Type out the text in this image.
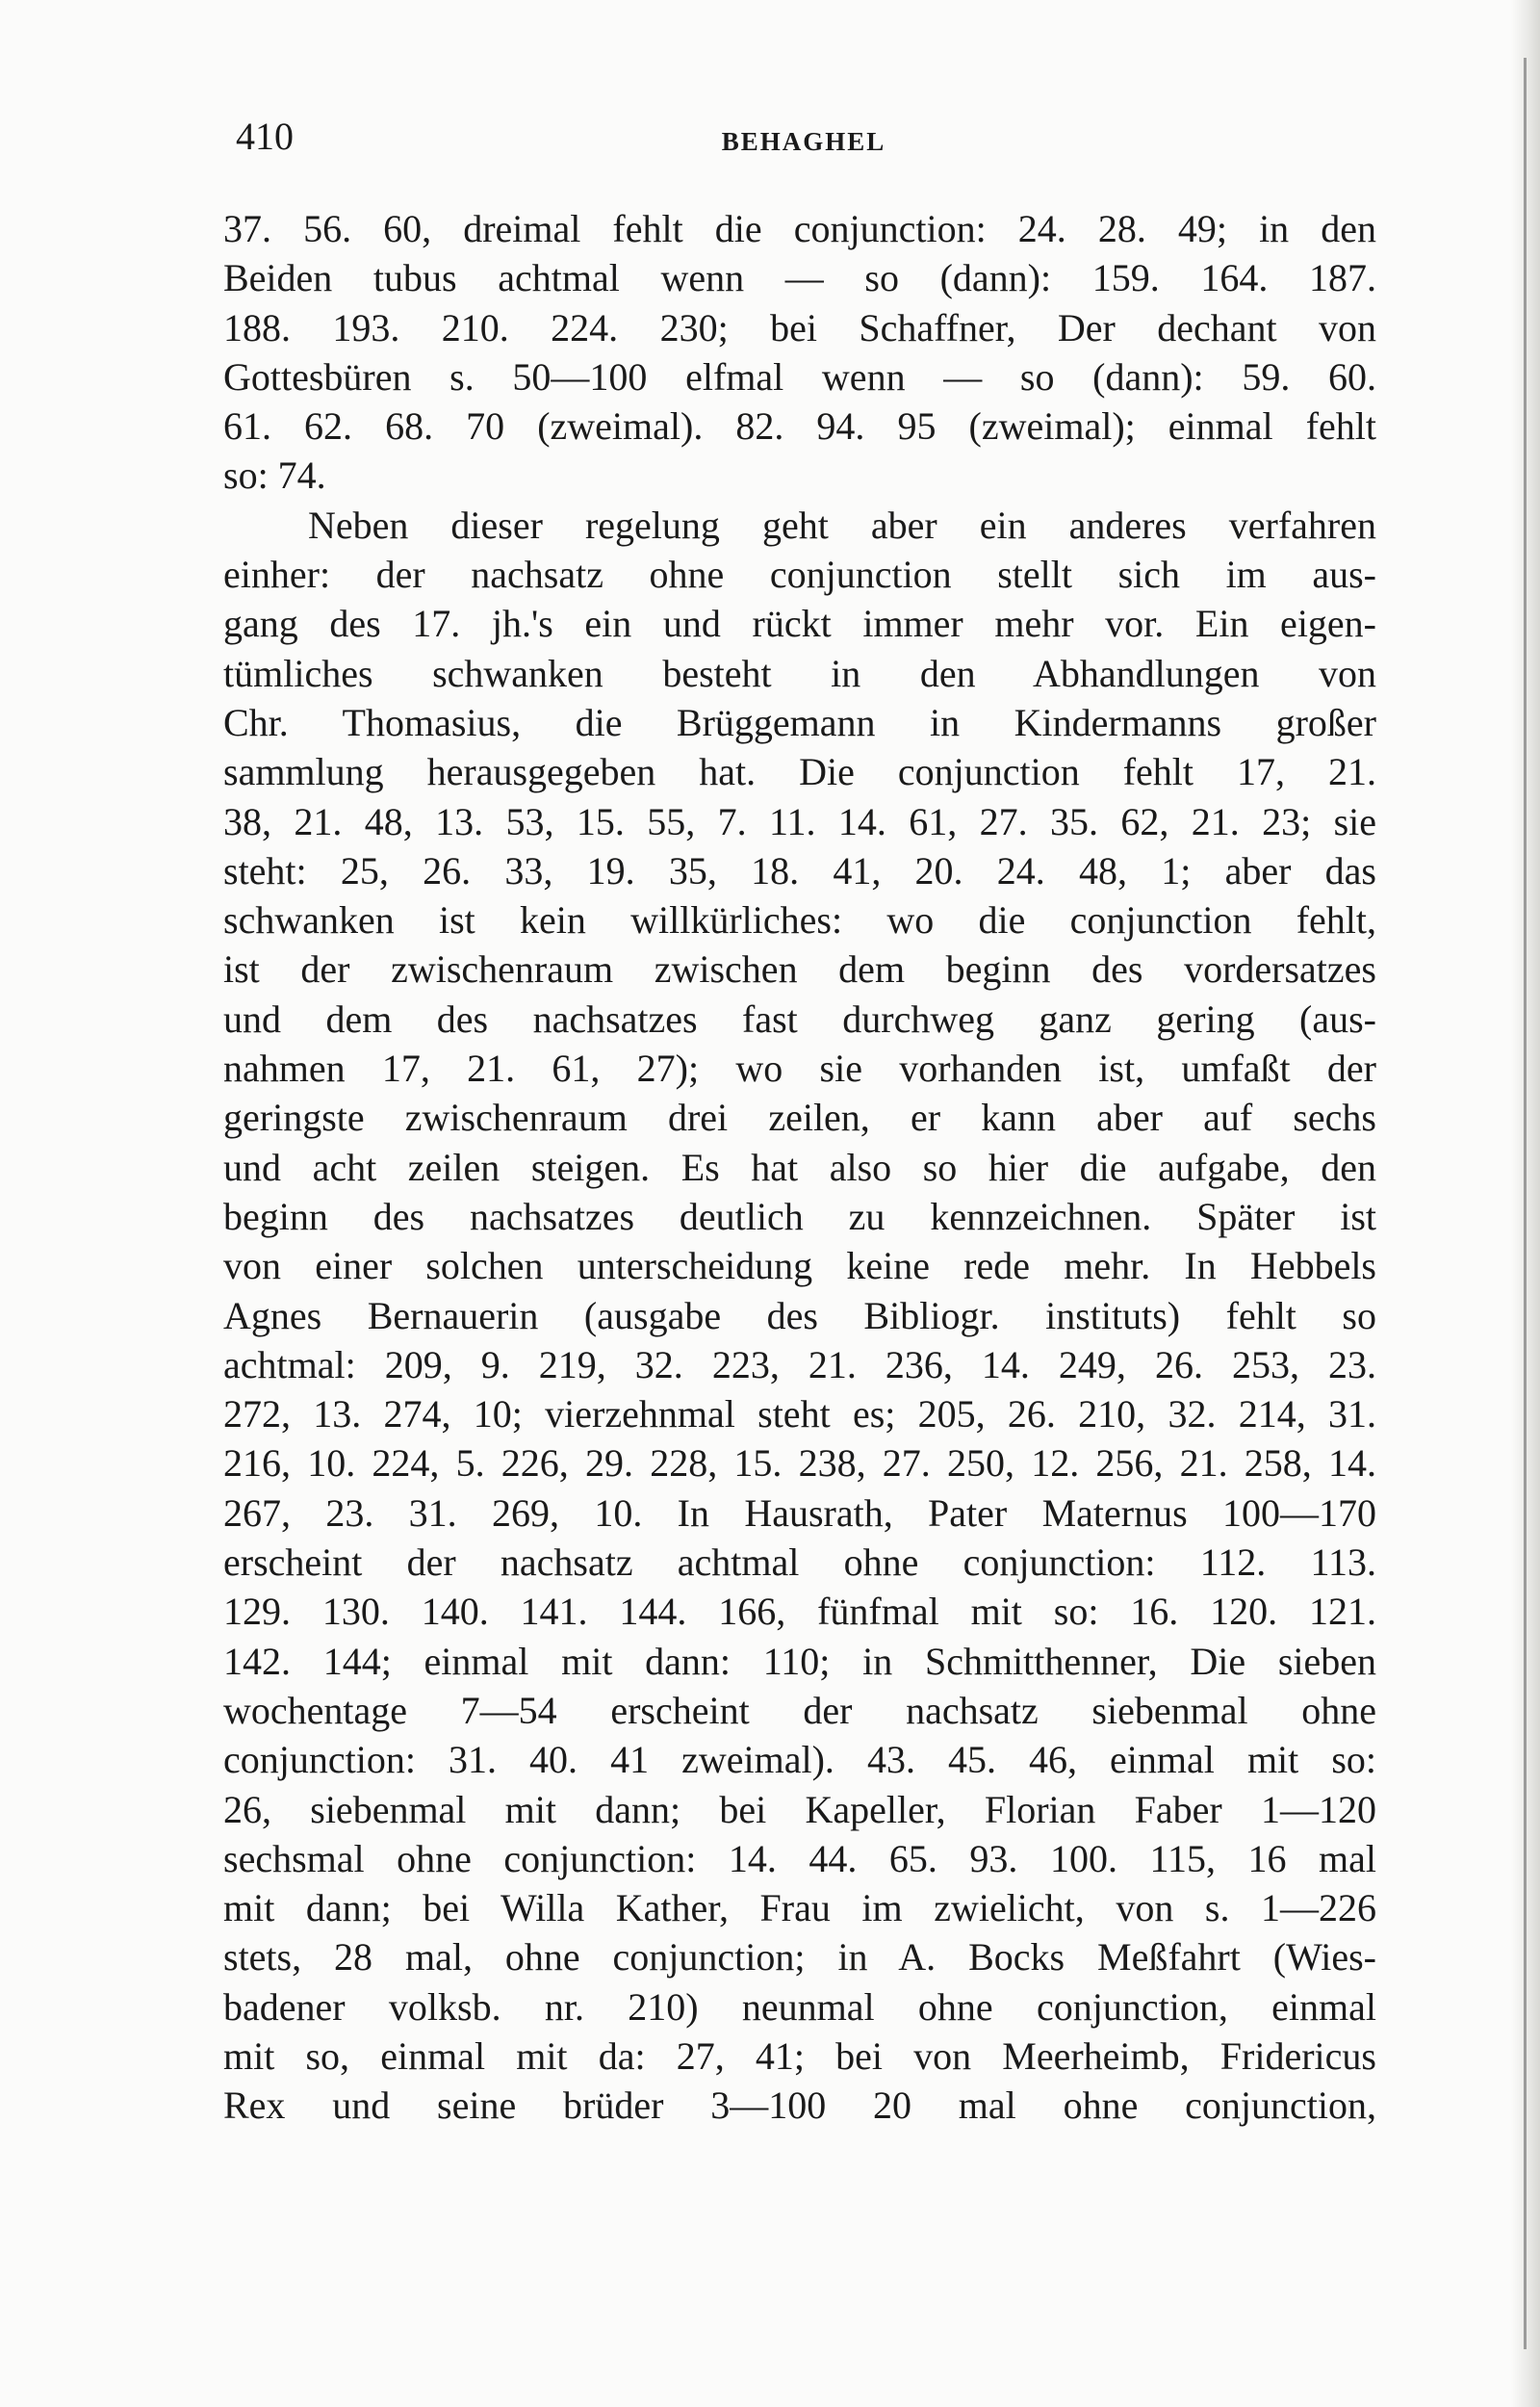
410	BEHAGHEL
37. 56. 60, dreimal fehlt die conjunction: 24. 28. 49; in den
Beiden tubus achtmal wenn — so (dann): 159. 164. 187.
188. 193. 210. 224. 230; bei Schaffner, Der dechant von
Gottesbüren s. 50—100 elfmal wenn — so (dann): 59. 60.
61. 62. 68. 70 (zweimal). 82. 94. 95 (zweimal); einmal fehlt
so: 74.
Neben dieser regelung geht aber ein anderes verfahren
einher: der nachsatz ohne conjunction stellt sich im aus-
gang des 17. jh.'s ein und rückt immer mehr vor. Ein eigen-
tümliches schwanken besteht in den Abhandlungen von
Chr. Thomasius, die Brüggemann in Kindermanns großer
sammlung herausgegeben hat. Die conjunction fehlt 17, 21.
38, 21. 48, 13. 53, 15. 55, 7. 11. 14. 61, 27. 35. 62, 21. 23; sie
steht: 25, 26. 33, 19. 35, 18. 41, 20. 24. 48, 1; aber das
schwanken ist kein willkürliches: wo die conjunction fehlt,
ist der zwischenraum zwischen dem beginn des vordersatzes
und dem des nachsatzes fast durchweg ganz gering (aus-
nahmen 17, 21. 61, 27); wo sie vorhanden ist, umfaßt der
geringste zwischenraum drei zeilen, er kann aber auf sechs
und acht zeilen steigen. Es hat also so hier die aufgabe, den
beginn des nachsatzes deutlich zu kennzeichnen. Später ist
von einer solchen unterscheidung keine rede mehr. In Hebbels
Agnes Bernauerin (ausgabe des Bibliogr. instituts) fehlt so
achtmal: 209, 9. 219, 32. 223, 21. 236, 14. 249, 26. 253, 23.
272, 13. 274, 10; vierzehnmal steht es; 205, 26. 210, 32. 214, 31.
216, 10. 224, 5. 226, 29. 228, 15. 238, 27. 250, 12. 256, 21. 258, 14.
267, 23. 31. 269, 10. In Hausrath, Pater Maternus 100—170
erscheint der nachsatz achtmal ohne conjunction: 112. 113.
129. 130. 140. 141. 144. 166, fünfmal mit so: 16. 120. 121.
142. 144; einmal mit dann: 110; in Schmitthenner, Die sieben
wochentage 7—54 erscheint der nachsatz siebenmal ohne
conjunction: 31. 40. 41 zweimal). 43. 45. 46, einmal mit so:
26, siebenmal mit dann; bei Kapeller, Florian Faber 1—120
sechsmal ohne conjunction: 14. 44. 65. 93. 100. 115, 16 mal
mit dann; bei Willa Kather, Frau im zwielicht, von s. 1—226
stets, 28 mal, ohne conjunction; in A. Bocks Meßfahrt (Wies-
badener volksb. nr. 210) neunmal ohne conjunction, einmal
mit so, einmal mit da: 27, 41; bei von Meerheimb, Fridericus
Rex und seine brüder 3—100 20 mal ohne conjunction,
